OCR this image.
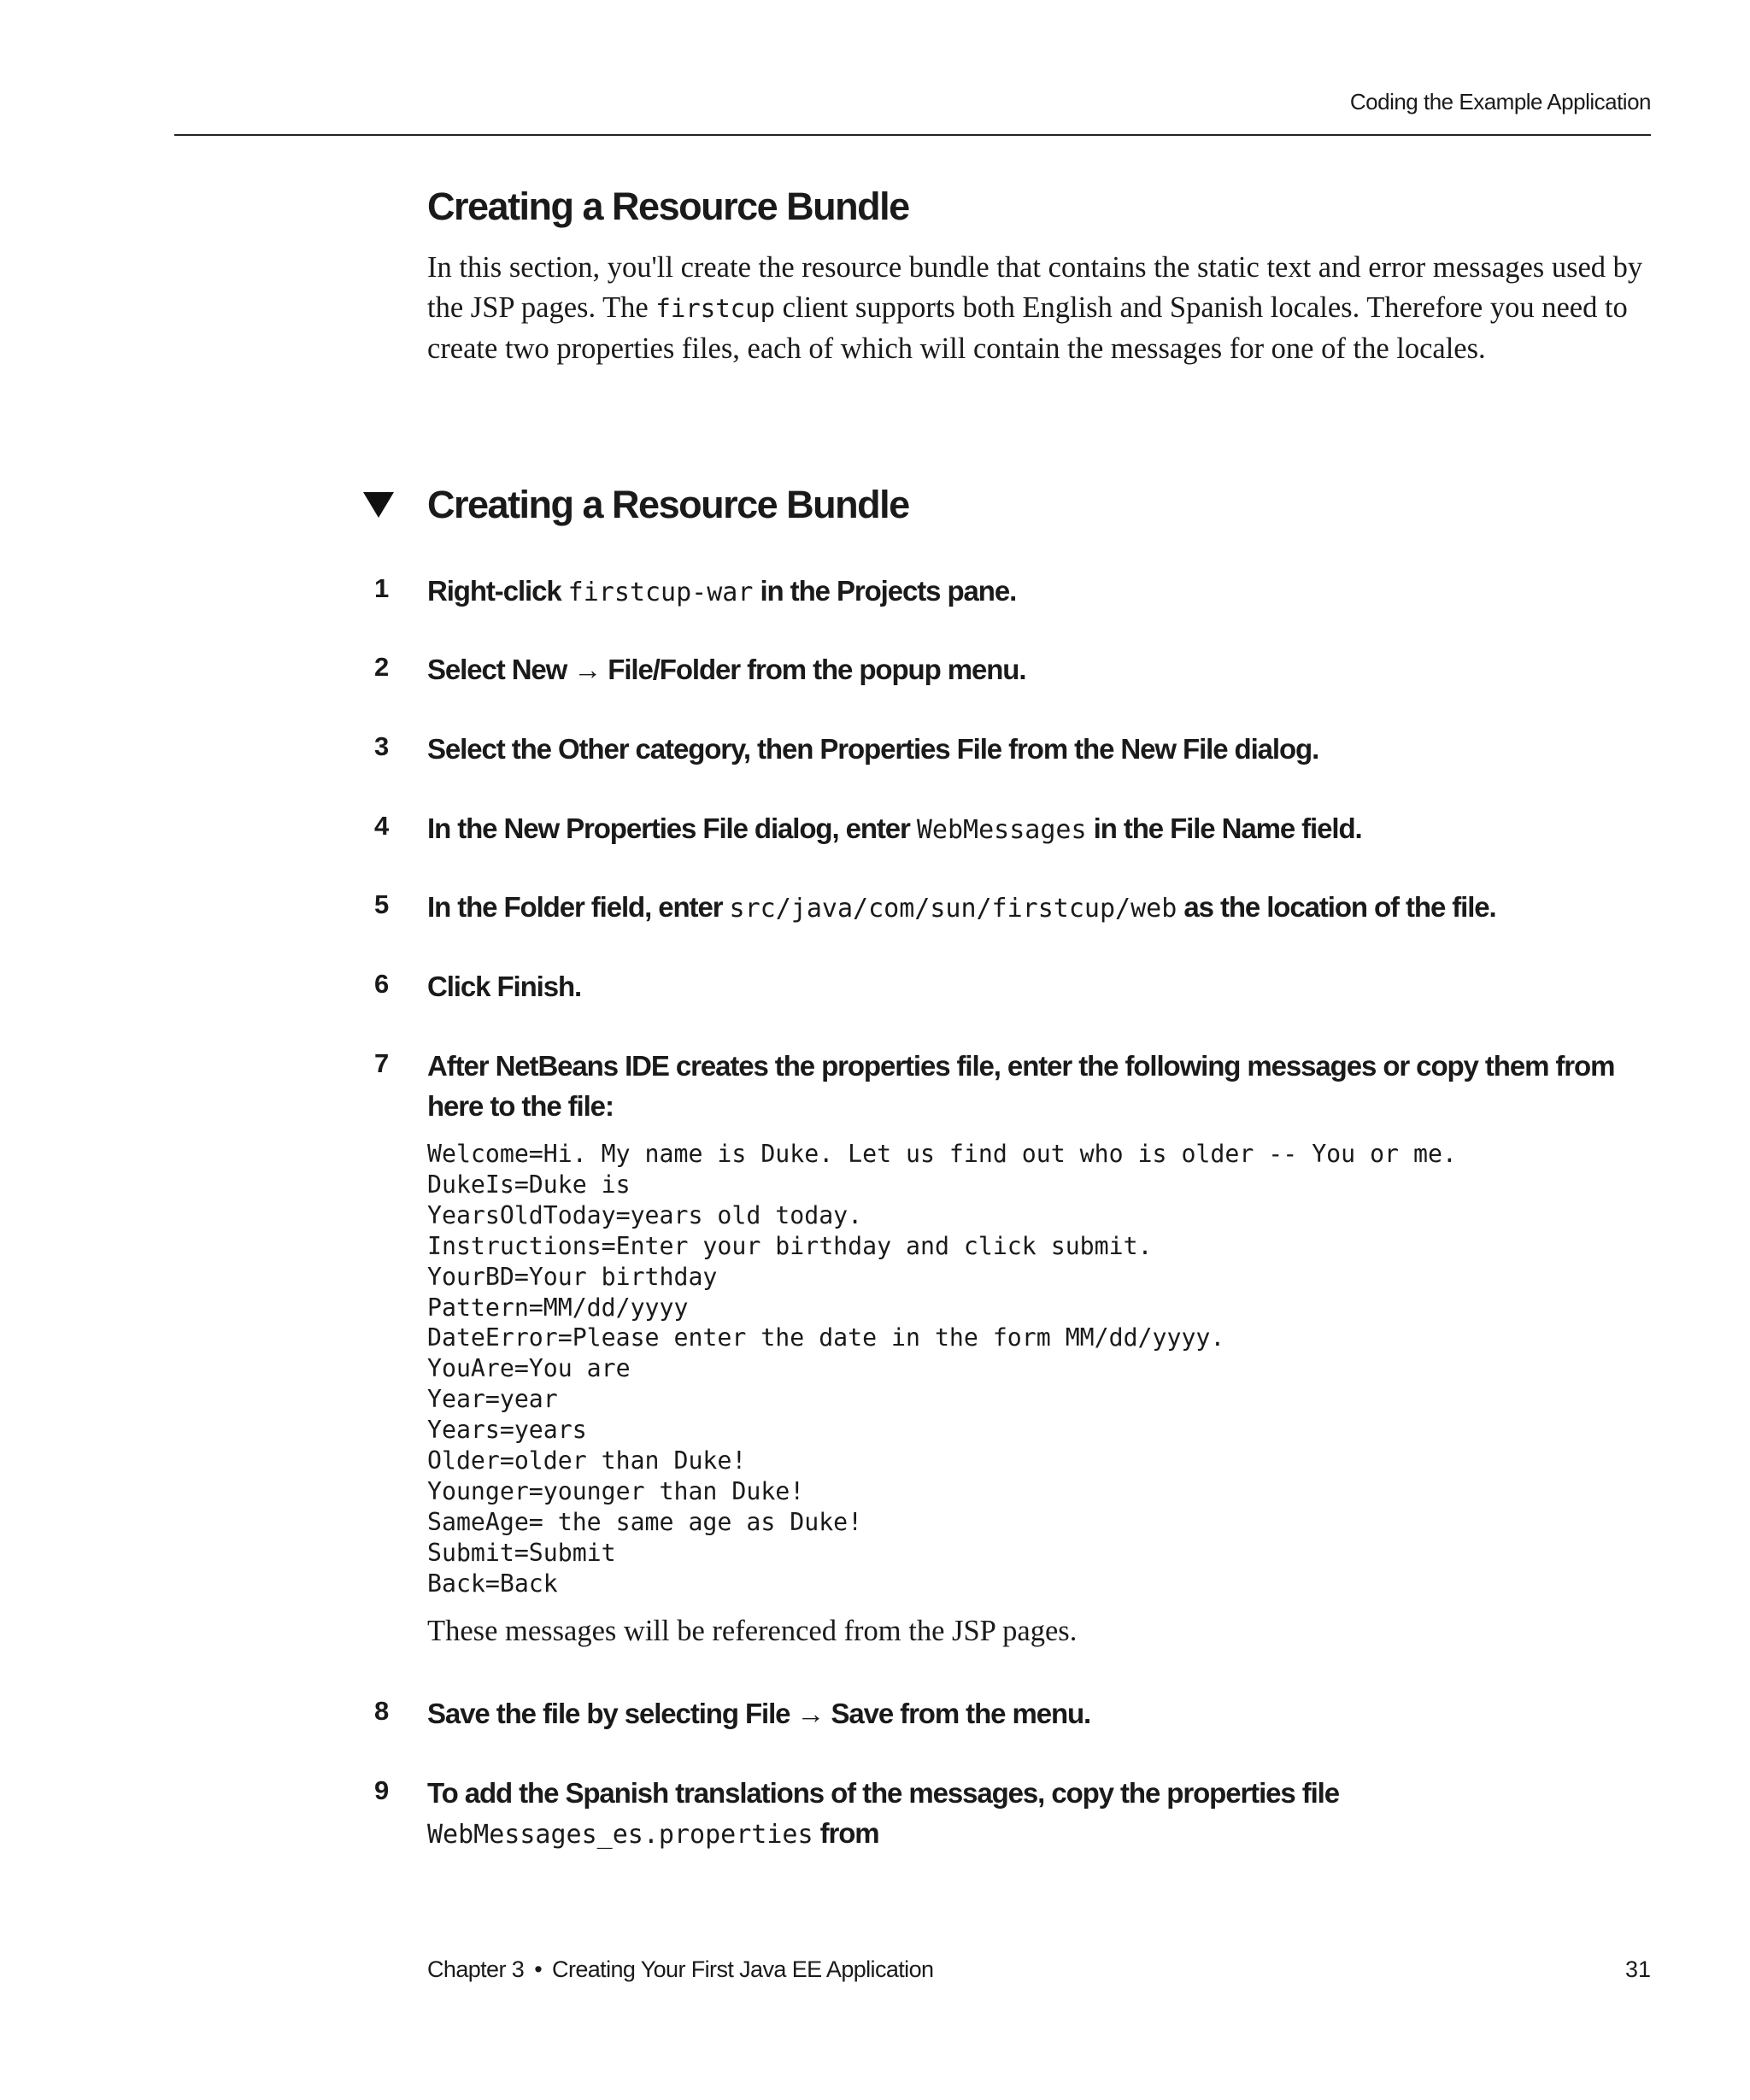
Coding the Example Application
Creating a Resource Bundle

In this section, you'll create the resource bundle that contains the static text and error messages used by the JSP pages. The firstcup client supports both English and Spanish locales. Therefore you need to create two properties files, each of which will contain the messages for one of the locales.

Creating a Resource Bundle
1	Right-click firstcup-war in the Projects pane.
2	Select New → File/Folder from the popup menu.
3	Select the Other category, then Properties File from the New File dialog.
4	In the New Properties File dialog, enter WebMessages in the File Name field.
5	In the Folder field, enter src/java/com/sun/firstcup/web as the location of the file.
6	Click Finish.
7	After NetBeans IDE creates the properties file, enter the following messages or copy them from here to the file:
Welcome=Hi. My name is Duke. Let us find out who is older -- You or me.
DukeIs=Duke is
YearsOldToday=years old today.
Instructions=Enter your birthday and click submit.
YourBD=Your birthday
Pattern=MM/dd/yyyy
DateError=Please enter the date in the form MM/dd/yyyy.
YouAre=You are
Year=year
Years=years
Older=older than Duke!
Younger=younger than Duke!
SameAge= the same age as Duke!
Submit=Submit
Back=Back

These messages will be referenced from the JSP pages.

8	Save the file by selecting File → Save from the menu.
9	To add the Spanish translations of the messages, copy the properties file
WebMessages_es.properties from
Chapter 3 • Creating Your First Java EE Application	31
